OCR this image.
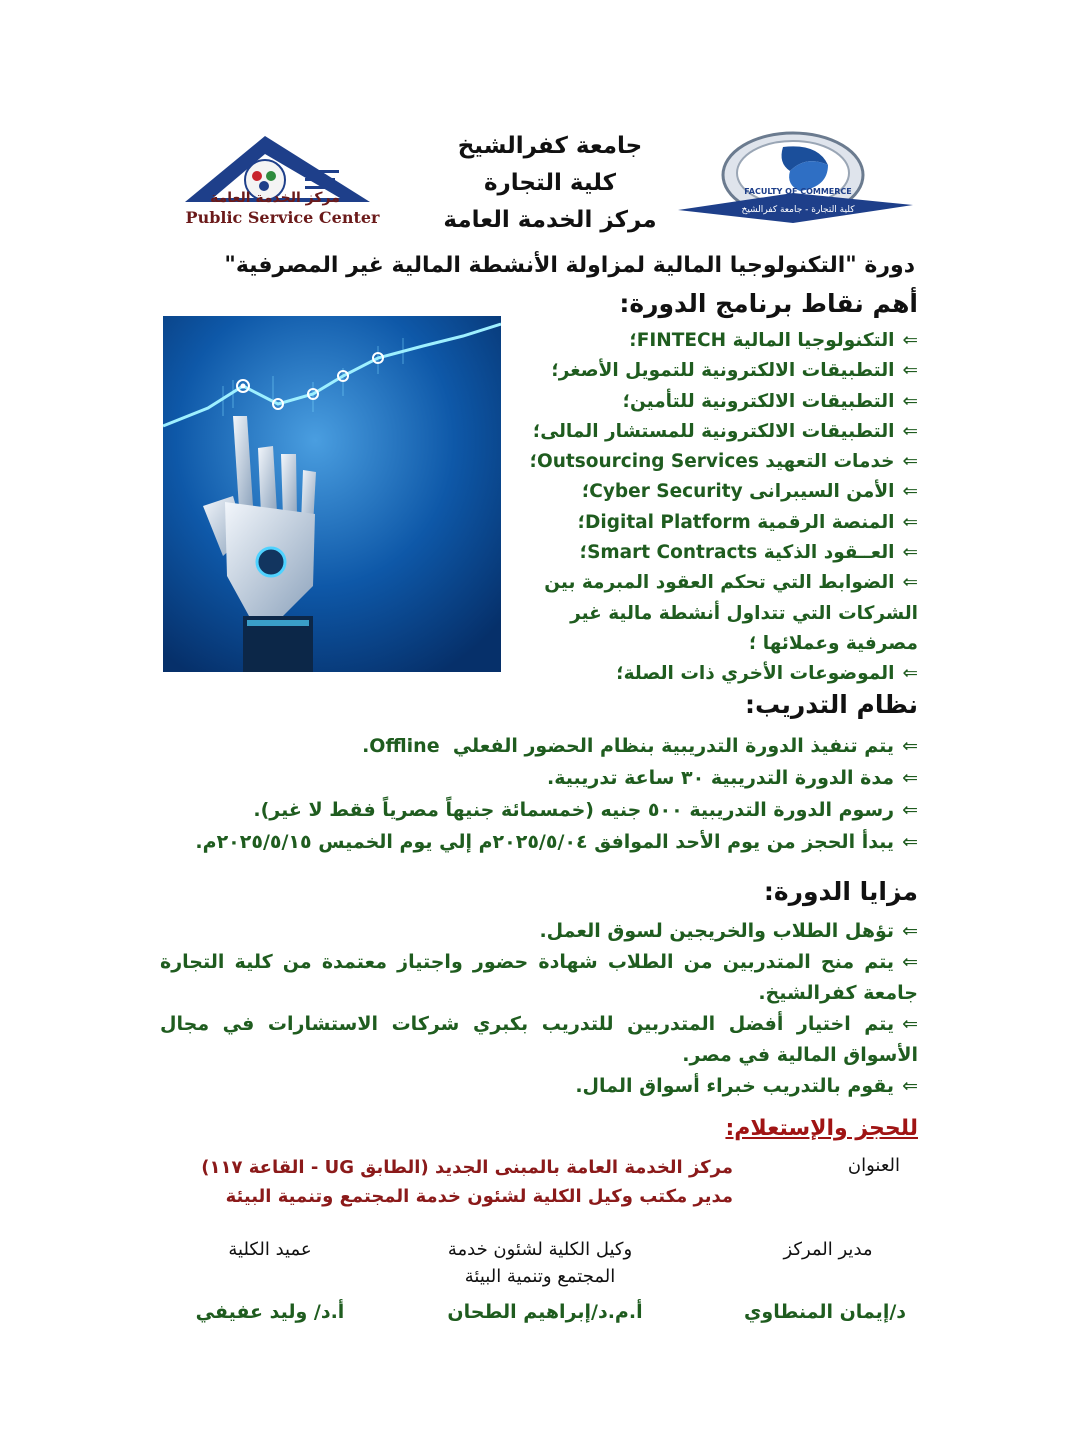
جامعة كفرالشيخ
كلية التجارة
مركز الخدمة العامة
مركز الخدمة العامة
Public Service Center
FACULTY OF COMMERCE
كلية التجارة - جامعة كفرالشيخ
دورة "التكنولوجيا المالية لمزاولة الأنشطة المالية غير المصرفية"
أهم نقاط برنامج الدورة:
⇐التكنولوجيا المالية FINTECH؛
⇐التطبيقات الالكترونية للتمويل الأصغر؛
⇐التطبيقات الالكترونية للتأمين؛
⇐التطبيقات الالكترونية للمستشار المالى؛
⇐خدمات التعهيد Outsourcing Services؛
⇐الأمن السيبرانى Cyber Security؛
⇐المنصة الرقمية Digital Platform؛
⇐العــقود الذكية Smart Contracts؛
⇐الضوابط التي تحكم العقود المبرمة بين الشركات التي تتداول أنشطة مالية غير مصرفية وعملائها ؛
⇐الموضوعات الأخري ذات الصلة؛
نظام التدريب:
⇐يتم تنفيذ الدورة التدريبية بنظام الحضور الفعلي  Offline.
⇐مدة الدورة التدريبية ٣٠ ساعة تدريبية.
⇐رسوم الدورة التدريبية ٥٠٠ جنيه (خمسمائة جنيهاً مصرياً فقط لا غير).
⇐يبدأ الحجز من يوم الأحد الموافق ٢٠٢٥/٥/٠٤م إلي يوم الخميس ٢٠٢٥/٥/١٥م.
مزايا الدورة:
⇐تؤهل الطلاب والخريجين لسوق العمل.
⇐يتم منح المتدربين من الطلاب شهادة حضور واجتياز معتمدة من كلية التجارة جامعة كفرالشيخ.
⇐يتم اختيار أفضل المتدربين للتدريب بكبري شركات الاستشارات في مجال الأسواق المالية في مصر.
⇐يقوم بالتدريب خبراء أسواق المال.
للحجز والإستعلام:
العنوان
مركز الخدمة العامة بالمبنى الجديد (الطابق UG - القاعة ١١٧)
مدير مكتب وكيل الكلية لشئون خدمة المجتمع وتنمية البيئة
مدير المركز
وكيل الكلية لشئون خدمة المجتمع وتنمية البيئة
عميد الكلية
د/إيمان المنطاوي
أ.م.د/إبراهيم الطحان
أ.د/ وليد عفيفي
